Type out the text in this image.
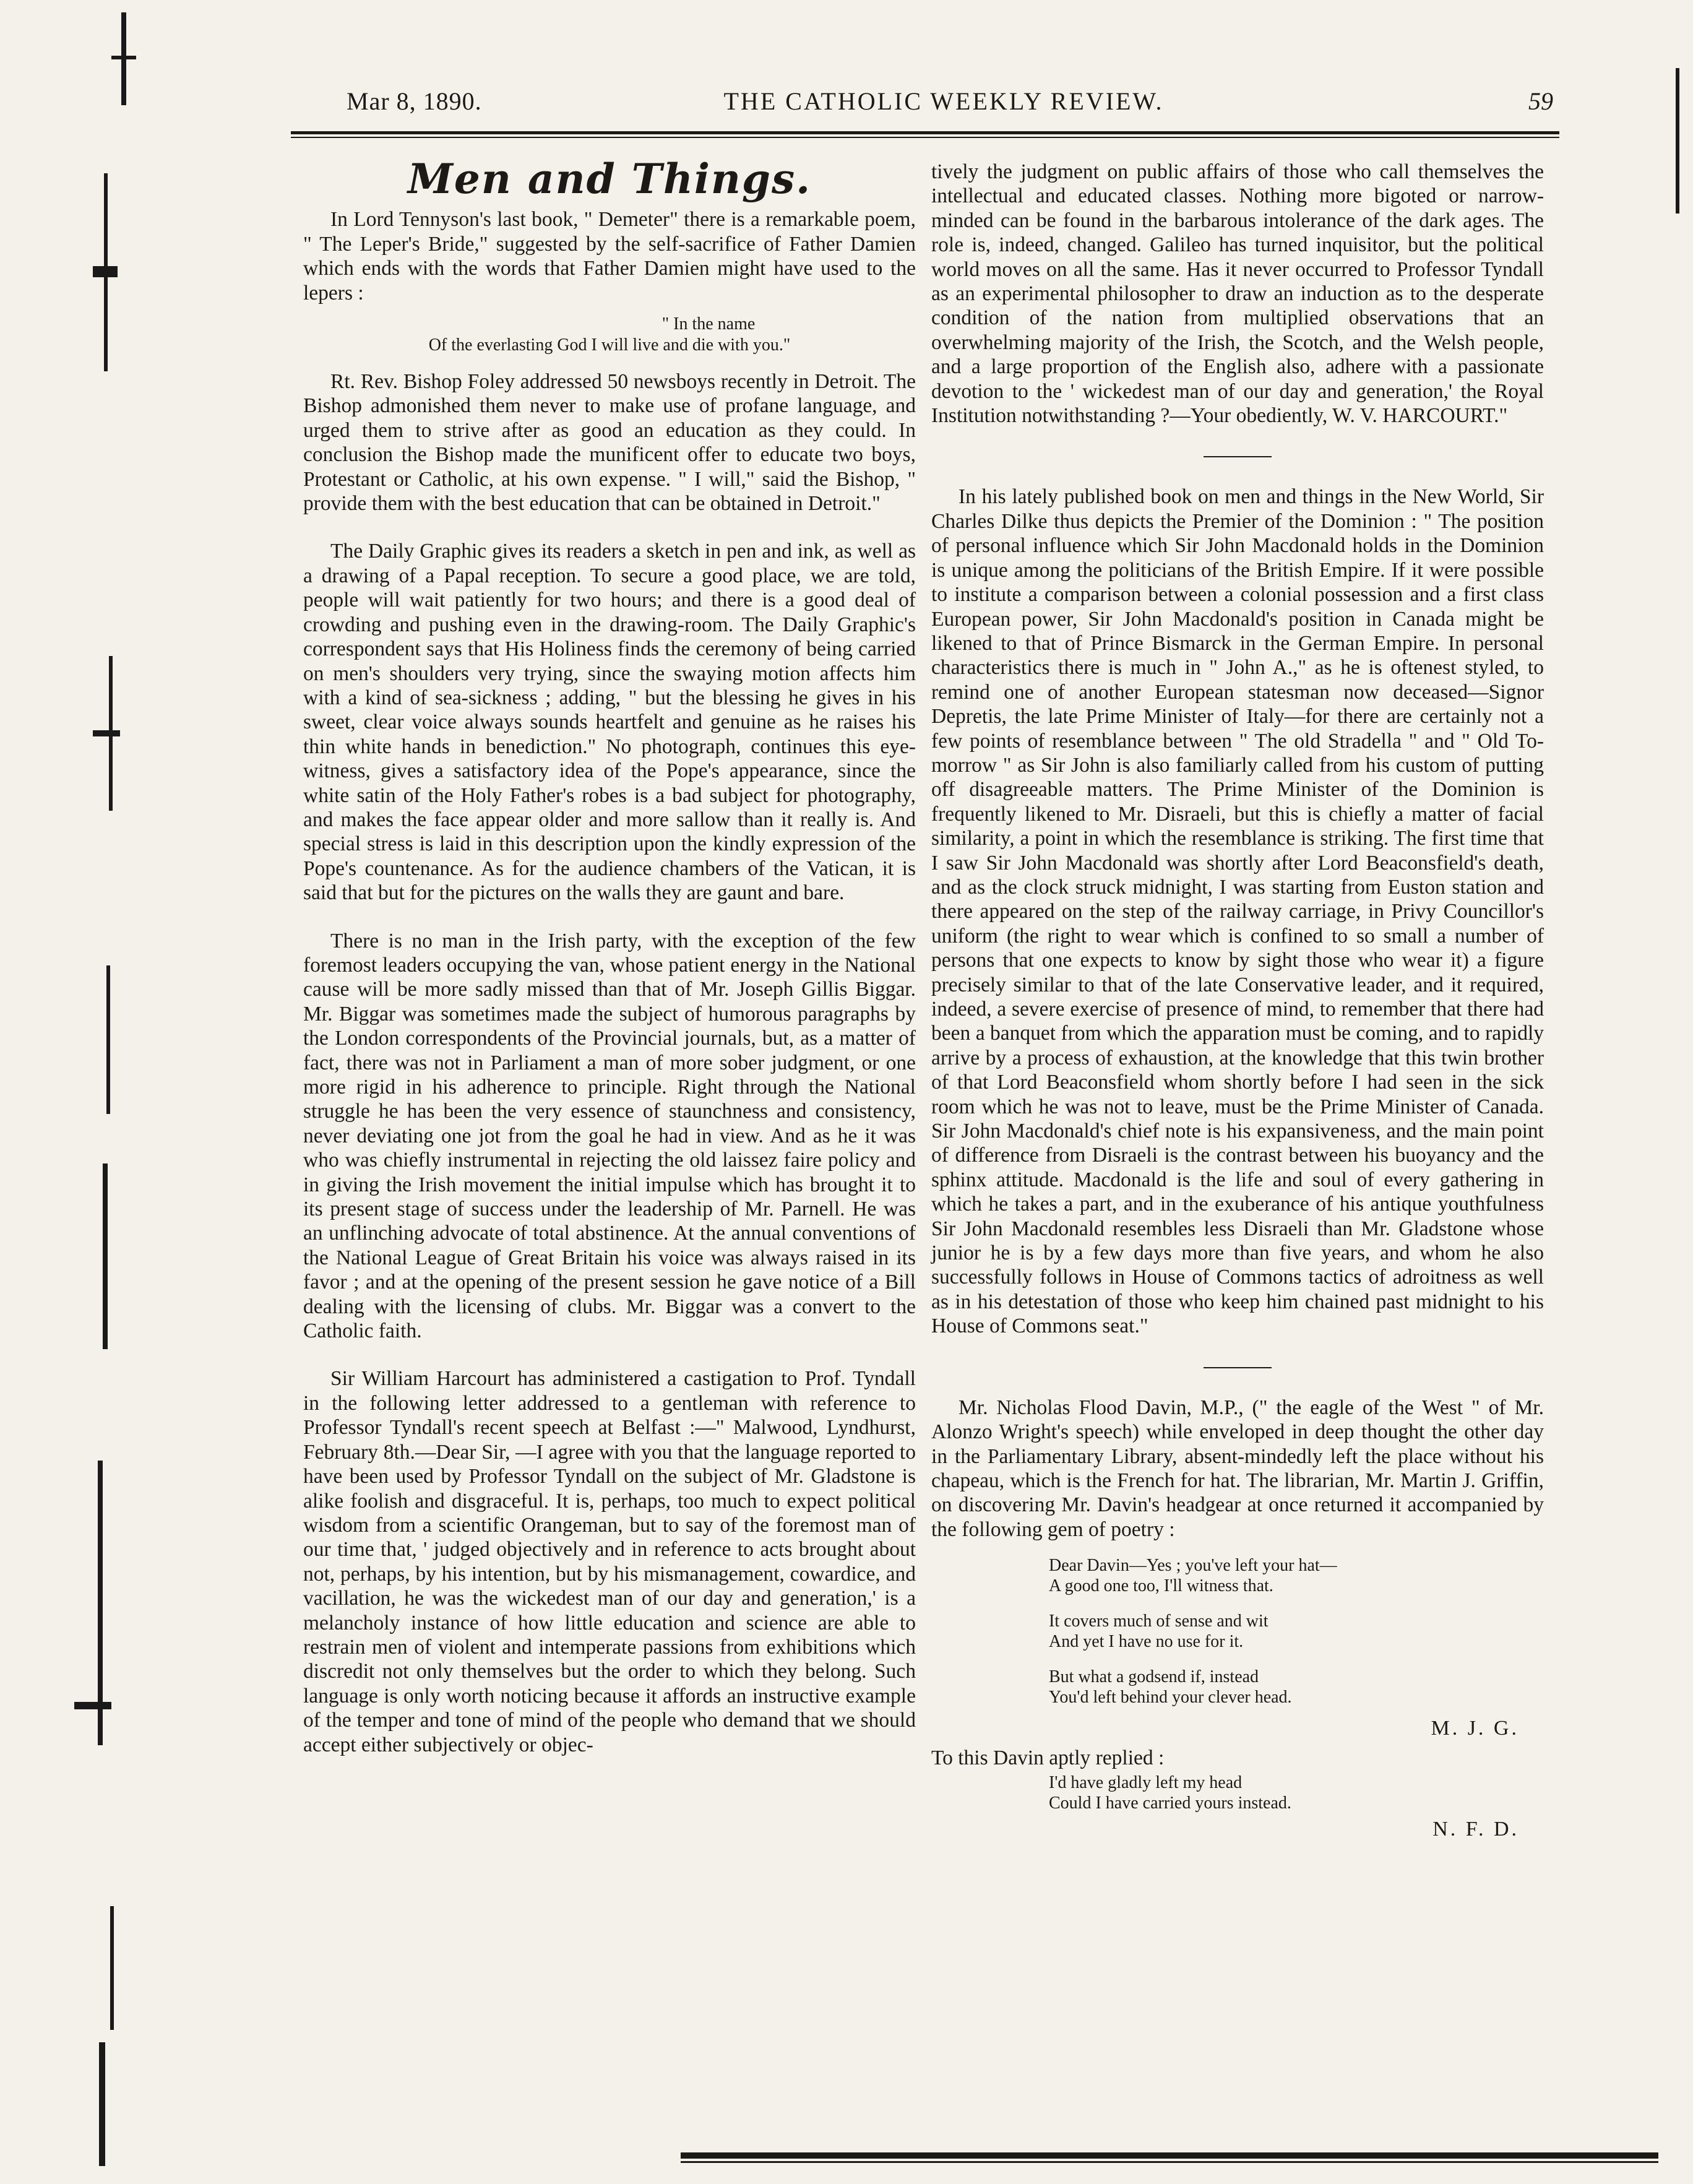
Mar 8, 1890.	THE CATHOLIC WEEKLY REVIEW.	59
Men and Things.

In Lord Tennyson's last book, " Demeter" there is a remarkable poem, " The Leper's Bride," suggested by the self-sacrifice of Father Damien which ends with the words that Father Damien might have used to the lepers :

" In the name
Of the everlasting God I will live and die with you."

Rt. Rev. Bishop Foley addressed 50 newsboys recently in Detroit. The Bishop admonished them never to make use of profane language, and urged them to strive after as good an education as they could. In conclusion the Bishop made the munificent offer to educate two boys, Protestant or Catholic, at his own expense. " I will," said the Bishop, " provide them with the best education that can be obtained in Detroit."

The Daily Graphic gives its readers a sketch in pen and ink, as well as a drawing of a Papal reception. To secure a good place, we are told, people will wait patiently for two hours; and there is a good deal of crowding and pushing even in the drawing-room. The Daily Graphic's correspondent says that His Holiness finds the ceremony of being carried on men's shoulders very trying, since the swaying motion affects him with a kind of sea-sickness ; adding, " but the blessing he gives in his sweet, clear voice always sounds heartfelt and genuine as he raises his thin white hands in benediction." No photograph, continues this eye-witness, gives a satisfactory idea of the Pope's appearance, since the white satin of the Holy Father's robes is a bad subject for photography, and makes the face appear older and more sallow than it really is. And special stress is laid in this description upon the kindly expression of the Pope's countenance. As for the audience chambers of the Vatican, it is said that but for the pictures on the walls they are gaunt and bare.

There is no man in the Irish party, with the exception of the few foremost leaders occupying the van, whose patient energy in the National cause will be more sadly missed than that of Mr. Joseph Gillis Biggar. Mr. Biggar was sometimes made the subject of humorous paragraphs by the London correspondents of the Provincial journals, but, as a matter of fact, there was not in Parliament a man of more sober judgment, or one more rigid in his adherence to principle. Right through the National struggle he has been the very essence of staunchness and consistency, never deviating one jot from the goal he had in view. And as he it was who was chiefly instrumental in rejecting the old laissez faire policy and in giving the Irish movement the initial impulse which has brought it to its present stage of success under the leadership of Mr. Parnell. He was an unflinching advocate of total abstinence. At the annual conventions of the National League of Great Britain his voice was always raised in its favor ; and at the opening of the present session he gave notice of a Bill dealing with the licensing of clubs. Mr. Biggar was a convert to the Catholic faith.

Sir William Harcourt has administered a castigation to Prof. Tyndall in the following letter addressed to a gentleman with reference to Professor Tyndall's recent speech at Belfast :—" Malwood, Lyndhurst, February 8th.—Dear Sir, —I agree with you that the language reported to have been used by Professor Tyndall on the subject of Mr. Gladstone is alike foolish and disgraceful. It is, perhaps, too much to expect political wisdom from a scientific Orangeman, but to say of the foremost man of our time that, ' judged objectively and in reference to acts brought about not, perhaps, by his intention, but by his mismanagement, cowardice, and vacillation, he was the wickedest man of our day and generation,' is a melancholy instance of how little education and science are able to restrain men of violent and intemperate passions from exhibitions which discredit not only themselves but the order to which they belong. Such language is only worth noticing because it affords an instructive example of the temper and tone of mind of the people who demand that we should accept either subjectively or objec-

tively the judgment on public affairs of those who call themselves the intellectual and educated classes. Nothing more bigoted or narrow-minded can be found in the barbarous intolerance of the dark ages. The role is, indeed, changed. Galileo has turned inquisitor, but the political world moves on all the same. Has it never occurred to Professor Tyndall as an experimental philosopher to draw an induction as to the desperate condition of the nation from multiplied observations that an overwhelming majority of the Irish, the Scotch, and the Welsh people, and a large proportion of the English also, adhere with a passionate devotion to the ' wickedest man of our day and generation,' the Royal Institution notwithstanding ?—Your obediently, W. V. HARCOURT."

In his lately published book on men and things in the New World, Sir Charles Dilke thus depicts the Premier of the Dominion : " The position of personal influence which Sir John Macdonald holds in the Dominion is unique among the politicians of the British Empire. If it were possible to institute a comparison between a colonial possession and a first class European power, Sir John Macdonald's position in Canada might be likened to that of Prince Bismarck in the German Empire. In personal characteristics there is much in " John A.," as he is oftenest styled, to remind one of another European statesman now deceased—Signor Depretis, the late Prime Minister of Italy—for there are certainly not a few points of resemblance between " The old Stradella " and " Old To-morrow " as Sir John is also familiarly called from his custom of putting off disagreeable matters. The Prime Minister of the Dominion is frequently likened to Mr. Disraeli, but this is chiefly a matter of facial similarity, a point in which the resemblance is striking. The first time that I saw Sir John Macdonald was shortly after Lord Beaconsfield's death, and as the clock struck midnight, I was starting from Euston station and there appeared on the step of the railway carriage, in Privy Councillor's uniform (the right to wear which is confined to so small a number of persons that one expects to know by sight those who wear it) a figure precisely similar to that of the late Conservative leader, and it required, indeed, a severe exercise of presence of mind, to remember that there had been a banquet from which the apparation must be coming, and to rapidly arrive by a process of exhaustion, at the knowledge that this twin brother of that Lord Beaconsfield whom shortly before I had seen in the sick room which he was not to leave, must be the Prime Minister of Canada. Sir John Macdonald's chief note is his expansiveness, and the main point of difference from Disraeli is the contrast between his buoyancy and the sphinx attitude. Macdonald is the life and soul of every gathering in which he takes a part, and in the exuberance of his antique youthfulness Sir John Macdonald resembles less Disraeli than Mr. Gladstone whose junior he is by a few days more than five years, and whom he also successfully follows in House of Commons tactics of adroitness as well as in his detestation of those who keep him chained past midnight to his House of Commons seat."

Mr. Nicholas Flood Davin, M.P., (" the eagle of the West " of Mr. Alonzo Wright's speech) while enveloped in deep thought the other day in the Parliamentary Library, absent-mindedly left the place without his chapeau, which is the French for hat. The librarian, Mr. Martin J. Griffin, on discovering Mr. Davin's headgear at once returned it accompanied by the following gem of poetry :

Dear Davin—Yes ; you've left your hat—
A good one too, I'll witness that.
It covers much of sense and wit
And yet I have no use for it.
But what a godsend if, instead
You'd left behind your clever head.
M. J. G.

To this Davin aptly replied :

I'd have gladly left my head
Could I have carried yours instead.
N. F. D.
